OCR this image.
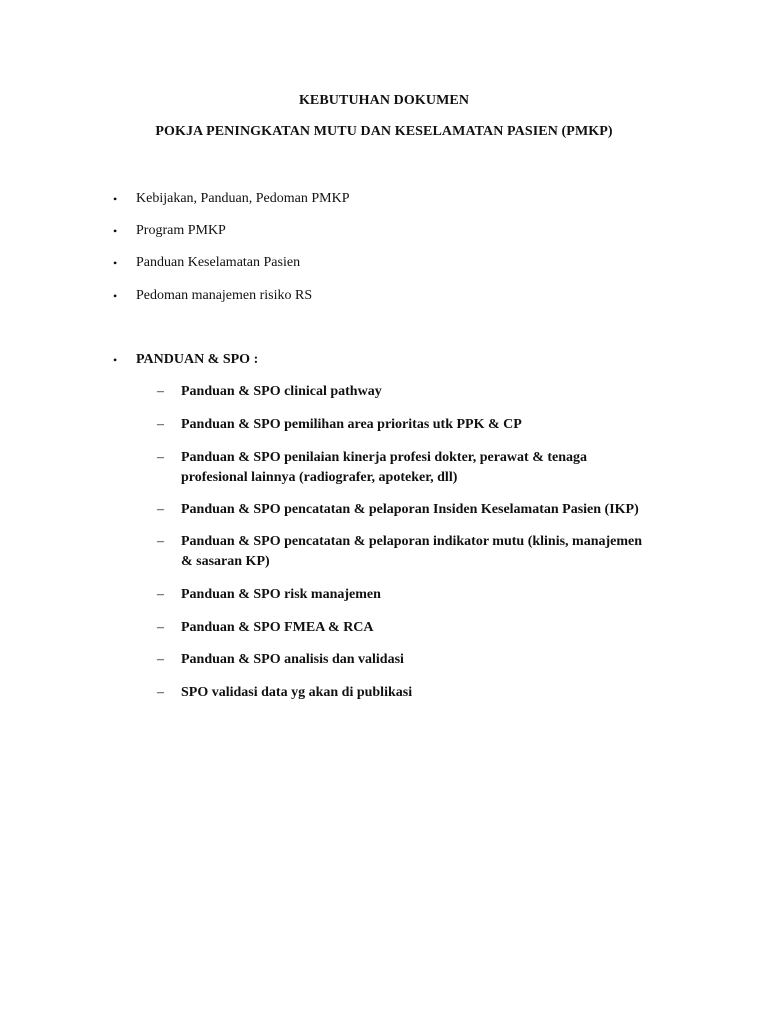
KEBUTUHAN DOKUMEN
POKJA PENINGKATAN MUTU DAN KESELAMATAN PASIEN (PMKP)
•	Kebijakan, Panduan, Pedoman PMKP
•	Program PMKP
•	Panduan Keselamatan Pasien
•	Pedoman manajemen risiko RS
•	PANDUAN & SPO :
– Panduan & SPO clinical pathway
– Panduan & SPO pemilihan area prioritas utk PPK & CP
– Panduan & SPO penilaian kinerja profesi dokter, perawat & tenaga profesional lainnya (radiografer, apoteker, dll)
– Panduan & SPO pencatatan & pelaporan Insiden Keselamatan Pasien (IKP)
– Panduan & SPO pencatatan & pelaporan indikator mutu (klinis, manajemen & sasaran KP)
– Panduan & SPO risk manajemen
– Panduan & SPO FMEA & RCA
– Panduan & SPO analisis dan validasi
– SPO validasi data yg akan di publikasi
